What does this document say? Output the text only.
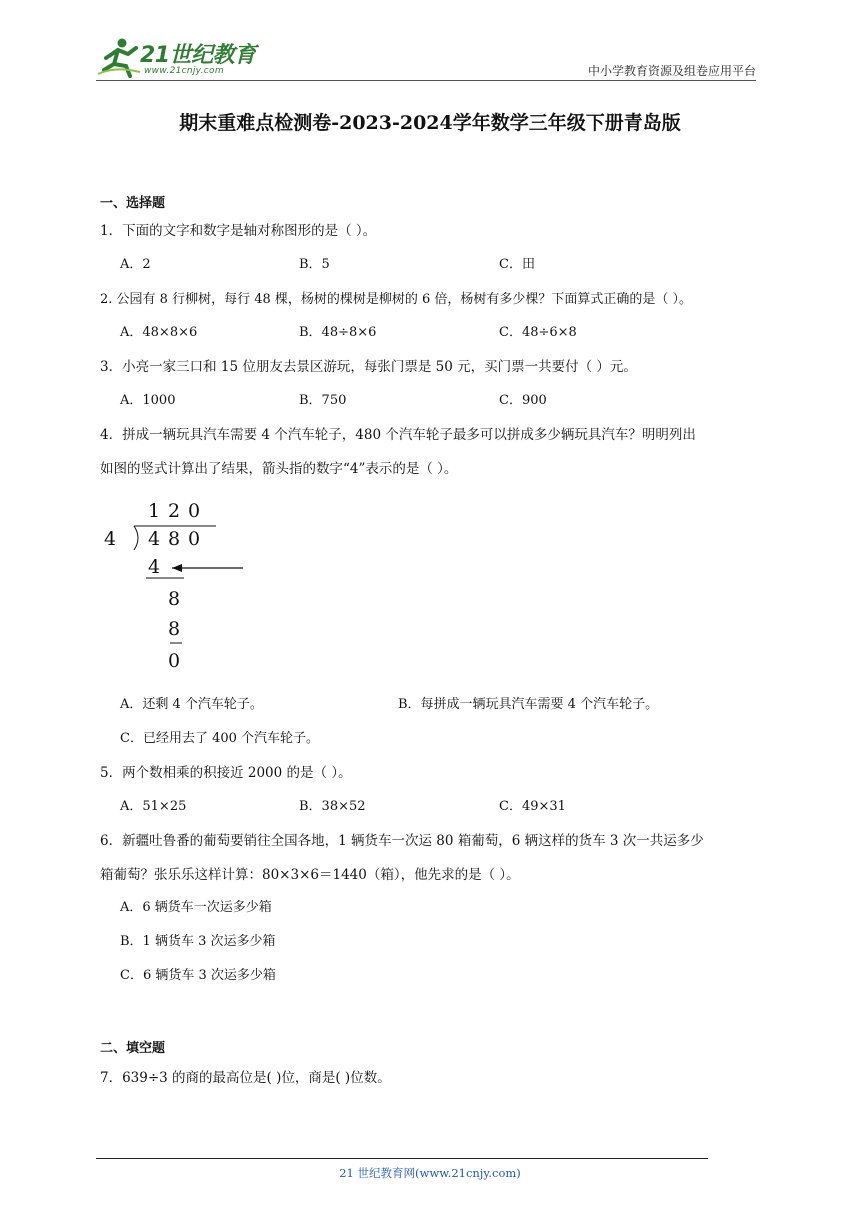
21世纪教育
www.21cnjy.com	中小学教育资源及组卷应用平台
期末重难点检测卷-2023-2024学年数学三年级下册青岛版
一、选择题
1．下面的文字和数字是轴对称图形的是（ ）。
A．2	B．5	C．田
2. 公园有 8 行柳树，每行 48 棵，杨树的棵树是柳树的 6 倍，杨树有多少棵？下面算式正确的是（ ）。
A．48×8×6	B．48÷8×6	C．48÷6×8
3．小亮一家三口和 15 位朋友去景区游玩，每张门票是 50 元，买门票一共要付（ ）元。
A．1000	B．750	C．900
4．拼成一辆玩具汽车需要 4 个汽车轮子，480 个汽车轮子最多可以拼成多少辆玩具汽车？明明列出
如图的竖式计算出了结果，箭头指的数字“4”表示的是（ ）。
1 2 0
4 4 8 0
4
8
8
0
A．还剩 4 个汽车轮子。	B．每拼成一辆玩具汽车需要 4 个汽车轮子。
C．已经用去了 400 个汽车轮子。
5．两个数相乘的积接近 2000 的是（ ）。
A．51×25	B．38×52	C．49×31
6．新疆吐鲁番的葡萄要销往全国各地，1 辆货车一次运 80 箱葡萄，6 辆这样的货车 3 次一共运多少
箱葡萄？张乐乐这样计算：80×3×6＝1440（箱），他先求的是（ ）。
A．6 辆货车一次运多少箱
B．1 辆货车 3 次运多少箱
C．6 辆货车 3 次运多少箱
二、填空题
7．639÷3 的商的最高位是( )位，商是( )位数。
21 世纪教育网(www.21cnjy.com)
